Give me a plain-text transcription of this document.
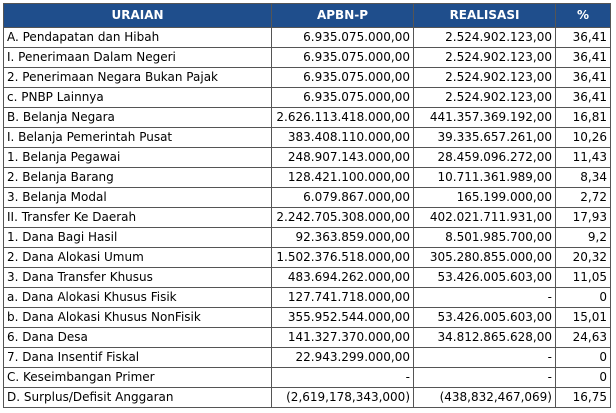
URAIAN	APBN-P	REALISASI	%
A. Pendapatan dan Hibah	6.935.075.000,00	2.524.902.123,00	36,41
I. Penerimaan Dalam Negeri	6.935.075.000,00	2.524.902.123,00	36,41
2. Penerimaan Negara Bukan Pajak	6.935.075.000,00	2.524.902.123,00	36,41
c. PNBP Lainnya	6.935.075.000,00	2.524.902.123,00	36,41
B. Belanja Negara	2.626.113.418.000,00	441.357.369.192,00	16,81
I. Belanja Pemerintah Pusat	383.408.110.000,00	39.335.657.261,00	10,26
1. Belanja Pegawai	248.907.143.000,00	28.459.096.272,00	11,43
2. Belanja Barang	128.421.100.000,00	10.711.361.989,00	8,34
3. Belanja Modal	6.079.867.000,00	165.199.000,00	2,72
II. Transfer Ke Daerah	2.242.705.308.000,00	402.021.711.931,00	17,93
1. Dana Bagi Hasil	92.363.859.000,00	8.501.985.700,00	9,2
2. Dana Alokasi Umum	1.502.376.518.000,00	305.280.855.000,00	20,32
3. Dana Transfer Khusus	483.694.262.000,00	53.426.005.603,00	11,05
a. Dana Alokasi Khusus Fisik	127.741.718.000,00	-	0
b. Dana Alokasi Khusus NonFisik	355.952.544.000,00	53.426.005.603,00	15,01
6. Dana Desa	141.327.370.000,00	34.812.865.628,00	24,63
7. Dana Insentif Fiskal	22.943.299.000,00	-	0
C. Keseimbangan Primer	-	-	0
D. Surplus/Defisit Anggaran	(2,619,178,343,000)	(438,832,467,069)	16,75
